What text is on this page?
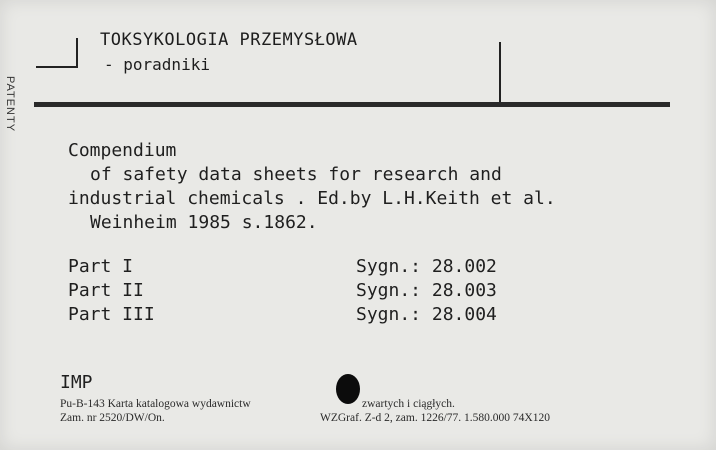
PATENTY
TOKSYKOLOGIA PRZEMYSŁOWA
- poradniki
Compendium
of safety data sheets for research and
industrial chemicals . Ed.by L.H.Keith et al.
Weinheim 1985 s.1862.
Part I	Sygn.: 28.002
Part II	Sygn.: 28.003
Part III	Sygn.: 28.004
IMP
Pu-B-143 Karta katalogowa wydawnictw	zwartych i ciągłych.
Zam. nr 2520/DW/On.	WZGraf. Z-d 2, zam. 1226/77. 1.580.000 74X120
